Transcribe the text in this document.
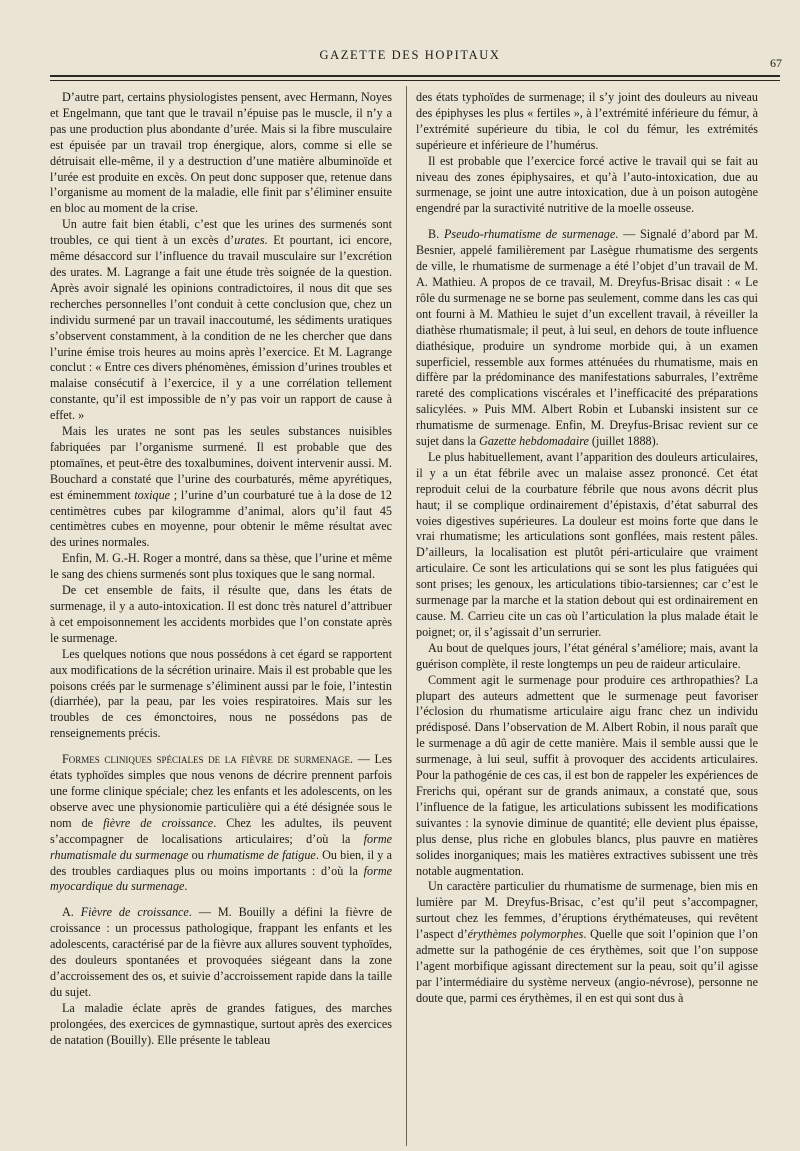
GAZETTE DES HOPITAUX
67

D’autre part, certains physiologistes pensent, avec Hermann, Noyes et Engelmann, que tant que le travail n’épuise pas le muscle, il n’y a pas une production plus abondante d’urée. Mais si la fibre musculaire est épuisée par un travail trop énergique, alors, comme si elle se détruisait elle-même, il y a destruction d’une matière albuminoïde et l’urée est produite en excès. On peut donc supposer que, retenue dans l’organisme au moment de la maladie, elle finit par s’éliminer ensuite en bloc au moment de la crise.

Un autre fait bien établi, c’est que les urines des surmenés sont troubles, ce qui tient à un excès d’urates. Et pourtant, ici encore, même désaccord sur l’influence du travail musculaire sur l’excrétion des urates. M. Lagrange a fait une étude très soignée de la question. Après avoir signalé les opinions contradictoires, il nous dit que ses recherches personnelles l’ont conduit à cette conclusion que, chez un individu surmené par un travail inaccoutumé, les sédiments uratiques s’observent constamment, à la condition de ne les chercher que dans l’urine émise trois heures au moins après l’exercice. Et M. Lagrange conclut : « Entre ces divers phénomènes, émission d’urines troubles et malaise consécutif à l’exercice, il y a une corrélation tellement constante, qu’il est impossible de n’y pas voir un rapport de cause à effet. »

Mais les urates ne sont pas les seules substances nuisibles fabriquées par l’organisme surmené. Il est probable que des ptomaïnes, et peut-être des toxalbumines, doivent intervenir aussi. M. Bouchard a constaté que l’urine des courbaturés, même apyrétiques, est éminemment toxique ; l’urine d’un courbaturé tue à la dose de 12 centimètres cubes par kilogramme d’animal, alors qu’il faut 45 centimètres cubes en moyenne, pour obtenir le même résultat avec des urines normales.

Enfin, M. G.-H. Roger a montré, dans sa thèse, que l’urine et même le sang des chiens surmenés sont plus toxiques que le sang normal.

De cet ensemble de faits, il résulte que, dans les états de surmenage, il y a auto-intoxication. Il est donc très naturel d’attribuer à cet empoisonnement les accidents morbides que l’on constate après le surmenage.

Les quelques notions que nous possédons à cet égard se rapportent aux modifications de la sécrétion urinaire. Mais il est probable que les poisons créés par le surmenage s’éliminent aussi par le foie, l’intestin (diarrhée), par la peau, par les voies respiratoires. Mais sur les troubles de ces émonctoires, nous ne possédons pas de renseignements précis.

Formes cliniques spéciales de la fièvre de surmenage. — Les états typhoïdes simples que nous venons de décrire prennent parfois une forme clinique spéciale; chez les enfants et les adolescents, on les observe avec une physionomie particulière qui a été désignée sous le nom de fièvre de croissance. Chez les adultes, ils peuvent s’accompagner de localisations articulaires; d’où la forme rhumatismale du surmenage ou rhumatisme de fatigue. Ou bien, il y a des troubles cardiaques plus ou moins importants : d’où la forme myocardique du surmenage.

A. Fièvre de croissance. — M. Bouilly a défini la fièvre de croissance : un processus pathologique, frappant les enfants et les adolescents, caractérisé par de la fièvre aux allures souvent typhoïdes, des douleurs spontanées et provoquées siégeant dans la zone d’accroissement des os, et suivie d’accroissement rapide dans la taille du sujet.

La maladie éclate après de grandes fatigues, des marches prolongées, des exercices de gymnastique, surtout après des exercices de natation (Bouilly). Elle présente le tableau

des états typhoïdes de surmenage; il s’y joint des douleurs au niveau des épiphyses les plus « fertiles », à l’extrémité inférieure du fémur, à l’extrémité supérieure du tibia, le col du fémur, les extrémités supérieure et inférieure de l’humérus.

Il est probable que l’exercice forcé active le travail qui se fait au niveau des zones épiphysaires, et qu’à l’auto-intoxication, due au surmenage, se joint une autre intoxication, due à un poison autogène engendré par la suractivité nutritive de la moelle osseuse.

B. Pseudo-rhumatisme de surmenage. — Signalé d’abord par M. Besnier, appelé familièrement par Lasègue rhumatisme des sergents de ville, le rhumatisme de surmenage a été l’objet d’un travail de M. A. Mathieu. A propos de ce travail, M. Dreyfus-Brisac disait : « Le rôle du surmenage ne se borne pas seulement, comme dans les cas qui ont fourni à M. Mathieu le sujet d’un excellent travail, à réveiller la diathèse rhumatismale; il peut, à lui seul, en dehors de toute influence diathésique, produire un syndrome morbide qui, à un examen superficiel, ressemble aux formes atténuées du rhumatisme, mais en diffère par la prédominance des manifestations saburrales, l’extrême rareté des complications viscérales et l’inefficacité des préparations salicylées. » Puis MM. Albert Robin et Lubanski insistent sur ce rhumatisme de surmenage. Enfin, M. Dreyfus-Brisac revient sur ce sujet dans la Gazette hebdomadaire (juillet 1888).

Le plus habituellement, avant l’apparition des douleurs articulaires, il y a un état fébrile avec un malaise assez prononcé. Cet état reproduit celui de la courbature fébrile que nous avons décrit plus haut; il se complique ordinairement d’épistaxis, d’état saburral des voies digestives supérieures. La douleur est moins forte que dans le vrai rhumatisme; les articulations sont gonflées, mais restent pâles. D’ailleurs, la localisation est plutôt péri-articulaire que vraiment articulaire. Ce sont les articulations qui se sont les plus fatiguées qui sont prises; les genoux, les articulations tibio-tarsiennes; car c’est le surmenage par la marche et la station debout qui est ordinairement en cause. M. Carrieu cite un cas où l’articulation la plus malade était le poignet; or, il s’agissait d’un serrurier.

Au bout de quelques jours, l’état général s’améliore; mais, avant la guérison complète, il reste longtemps un peu de raideur articulaire.

Comment agit le surmenage pour produire ces arthropathies? La plupart des auteurs admettent que le surmenage peut favoriser l’éclosion du rhumatisme articulaire aigu franc chez un individu prédisposé. Dans l’observation de M. Albert Robin, il nous paraît que le surmenage a dû agir de cette manière. Mais il semble aussi que le surmenage, à lui seul, suffit à provoquer des accidents articulaires. Pour la pathogénie de ces cas, il est bon de rappeler les expériences de Frerichs qui, opérant sur de grands animaux, a constaté que, sous l’influence de la fatigue, les articulations subissent les modifications suivantes : la synovie diminue de quantité; elle devient plus épaisse, plus dense, plus riche en globules blancs, plus pauvre en matières solides inorganiques; mais les matières extractives subissent une très notable augmentation.

Un caractère particulier du rhumatisme de surmenage, bien mis en lumière par M. Dreyfus-Brisac, c’est qu’il peut s’accompagner, surtout chez les femmes, d’éruptions érythémateuses, qui revêtent l’aspect d’érythèmes polymorphes. Quelle que soit l’opinion que l’on admette sur la pathogénie de ces érythèmes, soit que l’on suppose l’agent morbifique agissant directement sur la peau, soit qu’il agisse par l’intermédiaire du système nerveux (angio-névrose), personne ne doute que, parmi ces érythèmes, il en est qui sont dus à
